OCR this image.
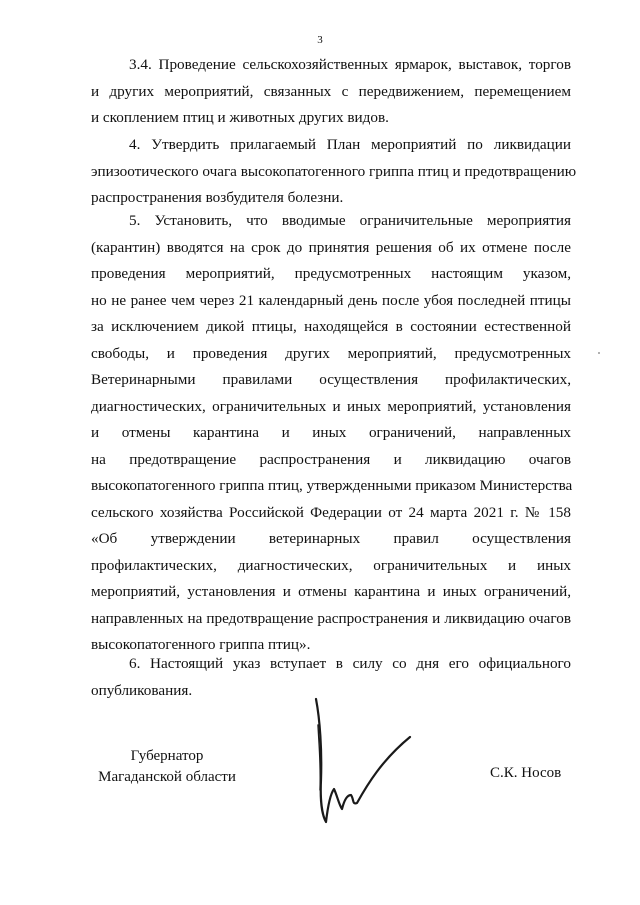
3
3.4. Проведение сельскохозяйственных ярмарок, выставок, торгов
и других мероприятий, связанных с передвижением, перемещением
и скоплением птиц и животных других видов.
4. Утвердить прилагаемый План мероприятий по ликвидации
эпизоотического очага высокопатогенного гриппа птиц и предотвращению
распространения возбудителя болезни.
5. Установить, что вводимые ограничительные мероприятия
(карантин) вводятся на срок до принятия решения об их отмене после
проведения мероприятий, предусмотренных настоящим указом,
но не ранее чем через 21 календарный день после убоя последней птицы
за исключением дикой птицы, находящейся в состоянии естественной
свободы, и проведения других мероприятий, предусмотренных
Ветеринарными правилами осуществления профилактических,
диагностических, ограничительных и иных мероприятий, установления
и отмены карантина и иных ограничений, направленных
на предотвращение распространения и ликвидацию очагов
высокопатогенного гриппа птиц, утвержденными приказом Министерства
сельского хозяйства Российской Федерации от 24 марта 2021 г. № 158
«Об утверждении ветеринарных правил осуществления
профилактических, диагностических, ограничительных и иных
мероприятий, установления и отмены карантина и иных ограничений,
направленных на предотвращение распространения и ликвидацию очагов
высокопатогенного гриппа птиц».
6. Настоящий указ вступает в силу со дня его официального
опубликования.
Губернатор
Магаданской области	С.К. Носов
